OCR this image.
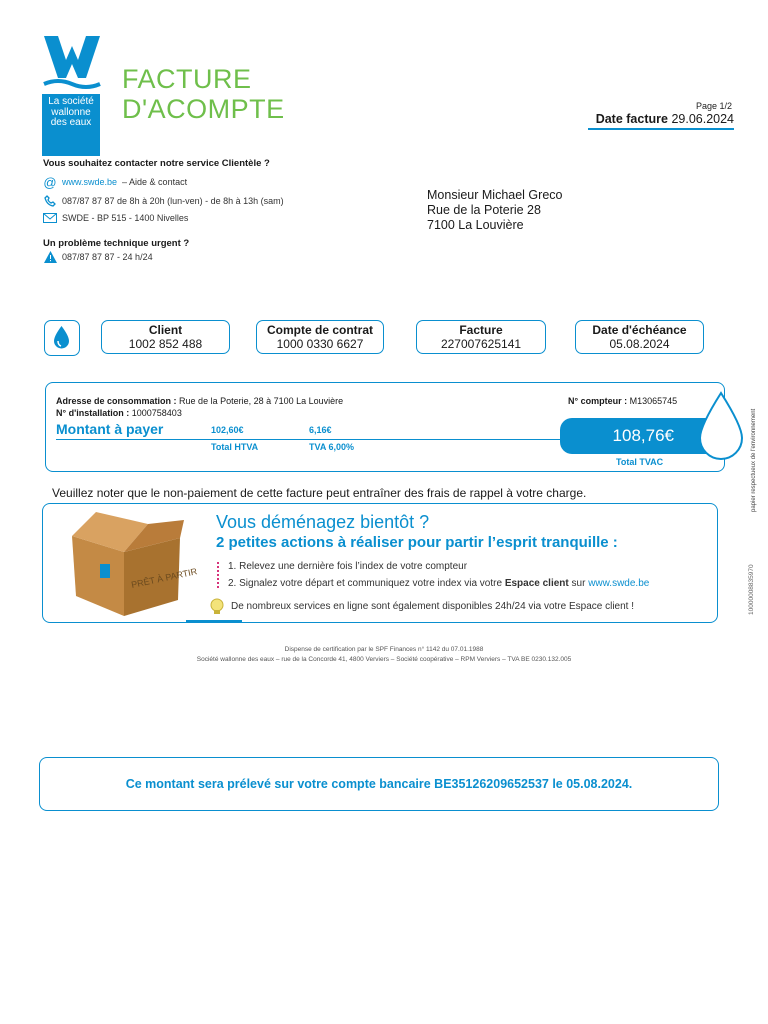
La société
wallonne
des eaux
FACTURE
D'ACOMPTE	Page 1/2
Date facture 29.06.2024
Vous souhaitez contacter notre service Clientèle ?
@ www.swde.be – Aide & contact
087/87 87 87 de 8h à 20h (lun-ven) - de 8h à 13h (sam)
SWDE - BP 515 - 1400 Nivelles
Un problème technique urgent ?
087/87 87 87 - 24 h/24
Monsieur Michael Greco
Rue de la Poterie 28
7100 La Louvière
Client
1002 852 488
Compte de contrat
1000 0330 6627
Facture
227007625141
Date d'échéance
05.08.2024
Adresse de consommation : Rue de la Poterie, 28 à 7100 La Louvière
N° d'installation : 1000758403
N° compteur : M13065745
Montant à payer	102,60€	6,16€
Total HTVA	TVA 6,00%
108,76€
Total TVAC
Veuillez noter que le non-paiement de cette facture peut entraîner des frais de rappel à votre charge.
PRÊT À PARTIR
Vous déménagez bientôt ?
2 petites actions à réaliser pour partir l’esprit tranquille :
1. Relevez une dernière fois l’index de votre compteur
2. Signalez votre départ et communiquez votre index via votre Espace client sur www.swde.be
De nombreux services en ligne sont également disponibles 24h/24 via votre Espace client !
Dispense de certification par le SPF Finances n° 1142 du 07.01.1988
Société wallonne des eaux – rue de la Concorde 41, 4800 Verviers – Société coopérative – RPM Verviers – TVA BE 0230.132.005
papier respectueux de l'environnement
10000008835970
Ce montant sera prélevé sur votre compte bancaire BE35126209652537 le 05.08.2024.
